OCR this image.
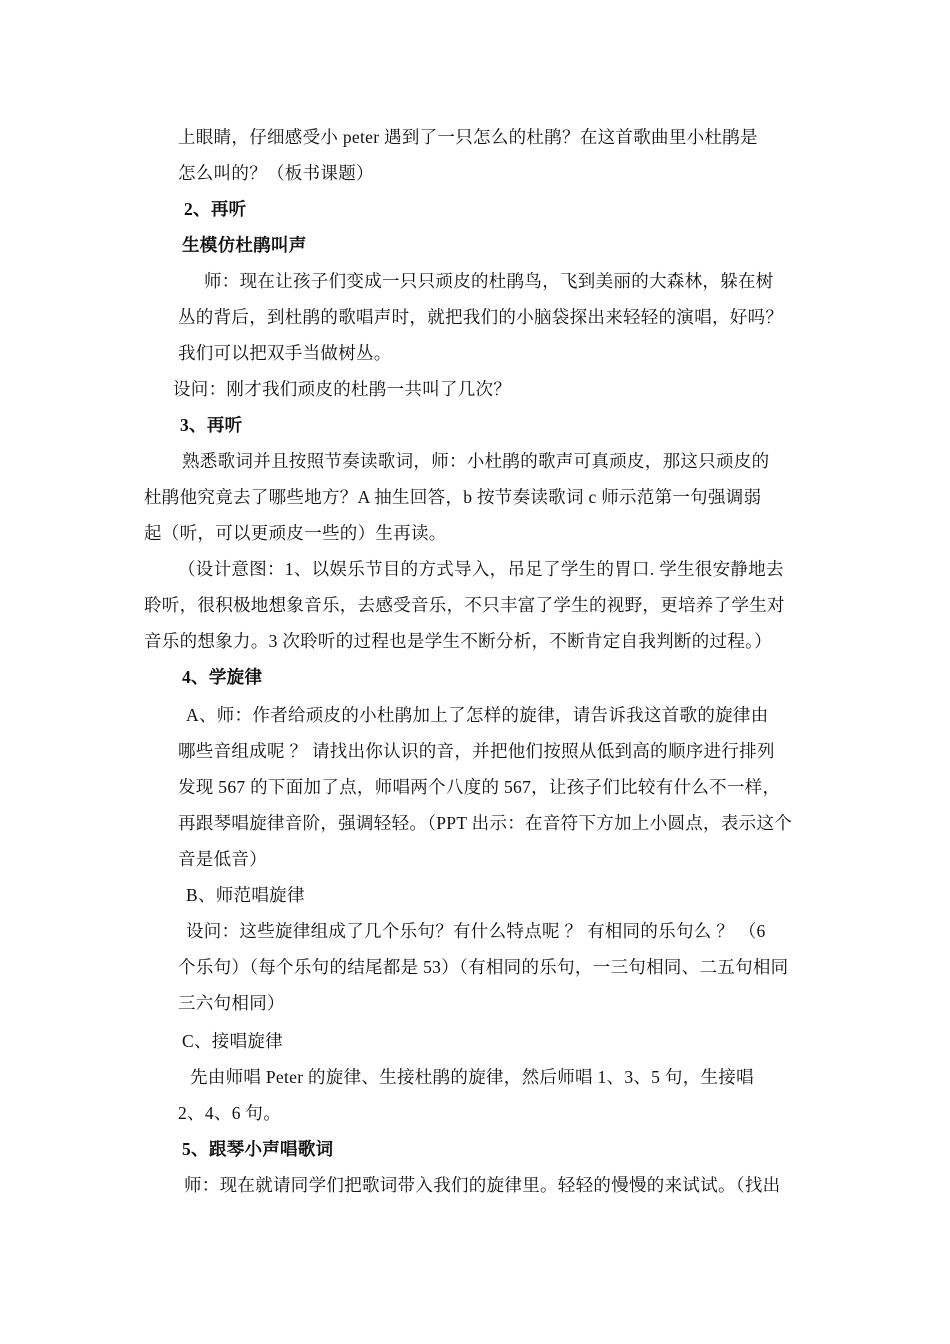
上眼睛，仔细感受小 peter 遇到了一只怎么的杜鹃？在这首歌曲里小杜鹃是
怎么叫的？（板书课题）
2、再听
生模仿杜鹃叫声
师：现在让孩子们变成一只只顽皮的杜鹃鸟，飞到美丽的大森林，躲在树
丛的背后，到杜鹃的歌唱声时，就把我们的小脑袋探出来轻轻的演唱，好吗？
我们可以把双手当做树丛。
设问：刚才我们顽皮的杜鹃一共叫了几次？
3、再听
熟悉歌词并且按照节奏读歌词，师：小杜鹃的歌声可真顽皮，那这只顽皮的
杜鹃他究竟去了哪些地方？A 抽生回答，b 按节奏读歌词 c 师示范第一句强调弱
起（听，可以更顽皮一些的）生再读。
（设计意图：1、以娱乐节目的方式导入，吊足了学生的胃口. 学生很安静地去
聆听，很积极地想象音乐，去感受音乐，不只丰富了学生的视野，更培养了学生对
音乐的想象力。3 次聆听的过程也是学生不断分析，不断肯定自我判断的过程。）
4、学旋律
A、师：作者给顽皮的小杜鹃加上了怎样的旋律，请告诉我这首歌的旋律由
哪些音组成呢 ？ 请找出你认识的音，并把他们按照从低到高的顺序进行排列
发现 567 的下面加了点，师唱两个八度的 567，让孩子们比较有什么不一样，
再跟琴唱旋律音阶，强调轻轻。（PPT 出示：在音符下方加上小圆点，表示这个
音是低音）
B、师范唱旋律
设问：这些旋律组成了几个乐句？有什么特点呢 ？ 有相同的乐句么 ？ （6
个乐句）（每个乐句的结尾都是 53）（有相同的乐句，一三句相同、二五句相同
三六句相同）
C、接唱旋律
先由师唱 Peter 的旋律、生接杜鹃的旋律，然后师唱 1、3、5 句，生接唱
2、4、6 句。
5、跟琴小声唱歌词
师：现在就请同学们把歌词带入我们的旋律里。轻轻的慢慢的来试试。（找出
